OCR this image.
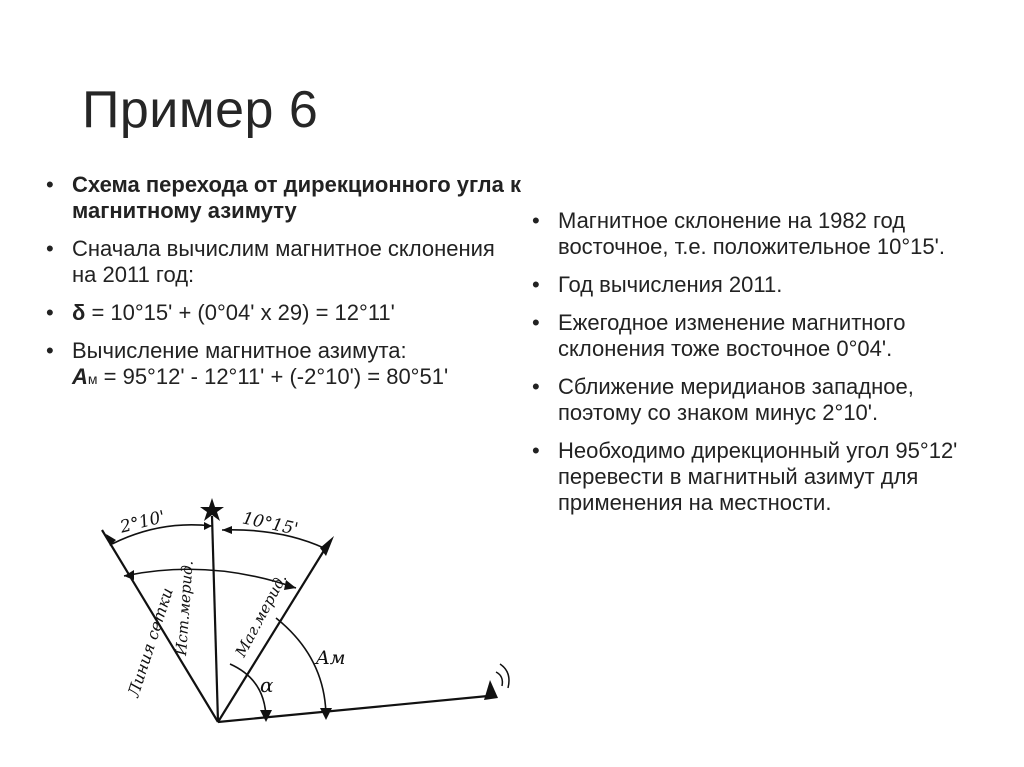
Пример 6
• Схема перехода от дирекционного угла к магнитному азимуту
• Сначала вычислим магнитное склонения на 2011 год:
• δ = 10°15' + (0°04' x 29) = 12°11'
• Вычисление магнитное азимута:
Aм = 95°12' - 12°11' + (-2°10') = 80°51'
• Магнитное склонение на 1982 год восточное, т.е. положительное 10°15'.
• Год вычисления 2011.
• Ежегодное изменение магнитного склонения тоже восточное 0°04'.
• Сближение меридианов западное, поэтому со знаком минус 2°10'.
• Необходимо дирекционный угол 95°12' перевести в магнитный азимут для применения на местности.
2°10'	10°15'
Линия сетки
Ист.мерид. Маг.мерид. Aм
α
